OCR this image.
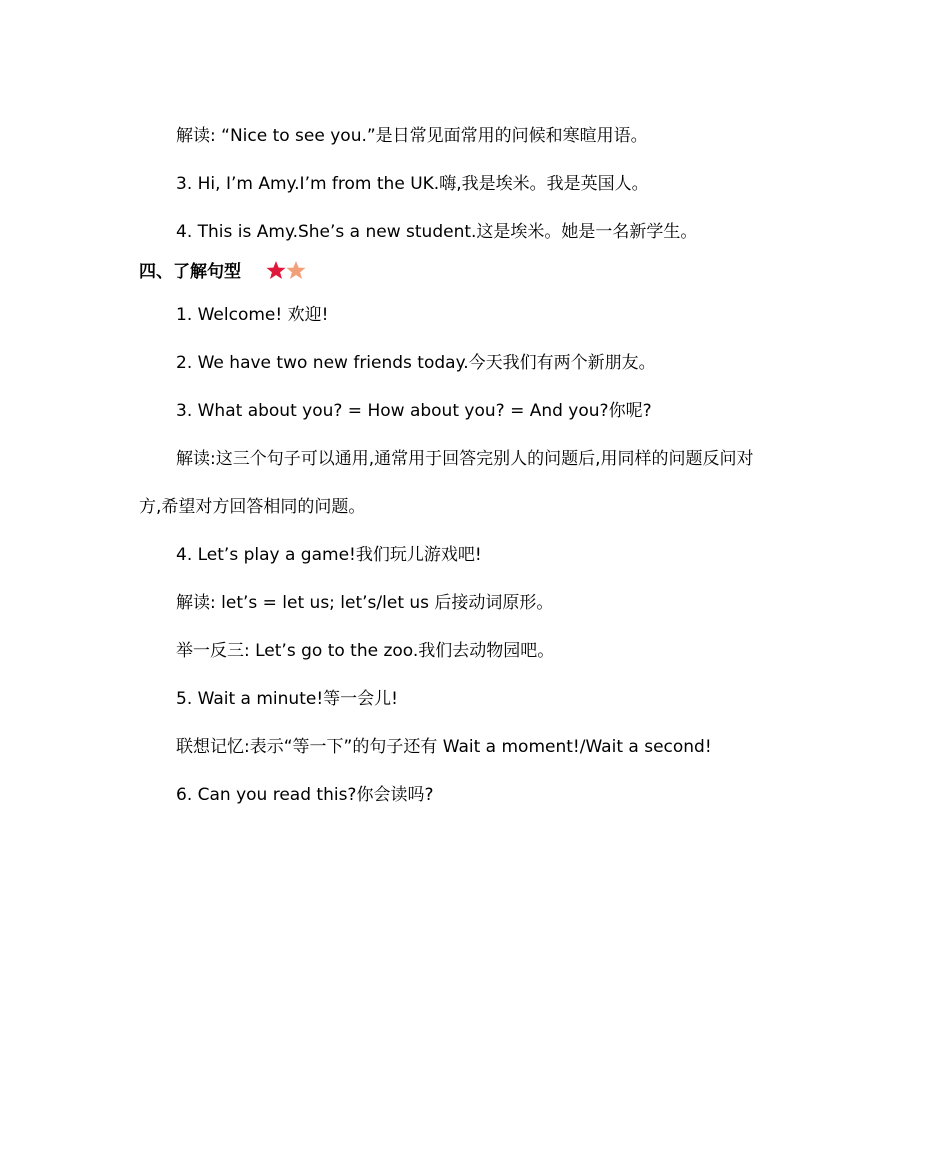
解读: “Nice to see you.”是日常见面常用的问候和寒暄用语。
3. Hi, I’m Amy.I’m from the UK.嗨,我是埃米。我是英国人。
4. This is Amy.She’s a new student.这是埃米。她是一名新学生。
四、了解句型
1. Welcome! 欢迎!
2. We have two new friends today.今天我们有两个新朋友。
3. What about you? = How about you? = And you?你呢?
解读:这三个句子可以通用,通常用于回答完别人的问题后,用同样的问题反问对
方,希望对方回答相同的问题。
4. Let’s play a game!我们玩儿游戏吧!
解读: let’s = let us; let’s/let us 后接动词原形。
举一反三: Let’s go to the zoo.我们去动物园吧。
5. Wait a minute!等一会儿!
联想记忆:表示“等一下”的句子还有 Wait a moment!/Wait a second!
6. Can you read this?你会读吗?
